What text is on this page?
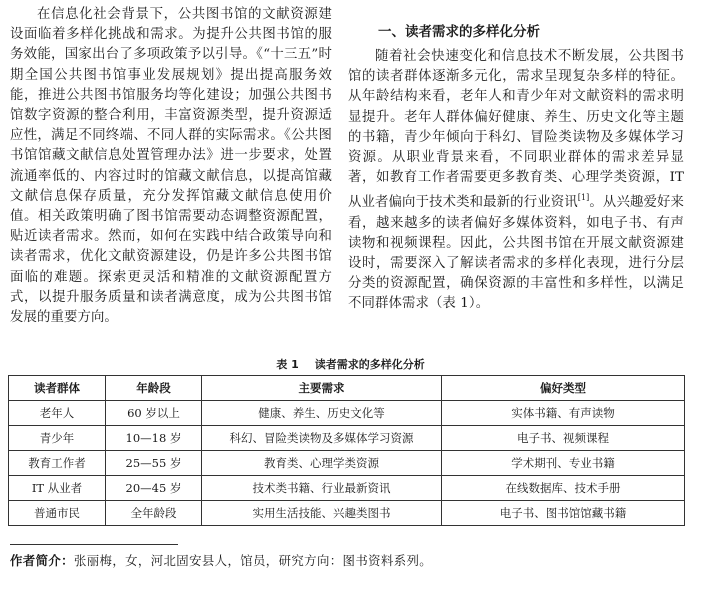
在信息化社会背景下，公共图书馆的文献资源建设面临着多样化挑战和需求。为提升公共图书馆的服务效能，国家出台了多项政策予以引导。《“十三五”时期全国公共图书馆事业发展规划》提出提高服务效能，推进公共图书馆服务均等化建设；加强公共图书馆数字资源的整合利用，丰富资源类型，提升资源适应性，满足不同终端、不同人群的实际需求。《公共图书馆馆藏文献信息处置管理办法》进一步要求，处置流通率低的、内容过时的馆藏文献信息，以提高馆藏文献信息保存质量，充分发挥馆藏文献信息使用价值。相关政策明确了图书馆需要动态调整资源配置，贴近读者需求。然而，如何在实践中结合政策导向和读者需求，优化文献资源建设，仍是许多公共图书馆面临的难题。探索更灵活和精准的文献资源配置方式，以提升服务质量和读者满意度，成为公共图书馆发展的重要方向。

一、读者需求的多样化分析

随着社会快速变化和信息技术不断发展，公共图书馆的读者群体逐渐多元化，需求呈现复杂多样的特征。从年龄结构来看，老年人和青少年对文献资料的需求明显提升。老年人群体偏好健康、养生、历史文化等主题的书籍，青少年倾向于科幻、冒险类读物及多媒体学习资源。从职业背景来看，不同职业群体的需求差异显著，如教育工作者需要更多教育类、心理学类资源，IT 从业者偏向于技术类和最新的行业资讯[1]。从兴趣爱好来看，越来越多的读者偏好多媒体资料，如电子书、有声读物和视频课程。因此，公共图书馆在开展文献资源建设时，需要深入了解读者需求的多样化表现，进行分层分类的资源配置，确保资源的丰富性和多样性，以满足不同群体需求（表 1）。

表 1 读者需求的多样化分析
读者群体	年龄段	主要需求	偏好类型
老年人	60 岁以上	健康、养生、历史文化等	实体书籍、有声读物
青少年	10—18 岁	科幻、冒险类读物及多媒体学习资源	电子书、视频课程
教育工作者	25—55 岁	教育类、心理学类资源	学术期刊、专业书籍
IT 从业者	20—45 岁	技术类书籍、行业最新资讯	在线数据库、技术手册
普通市民	全年龄段	实用生活技能、兴趣类图书	电子书、图书馆馆藏书籍

作者简介：张丽梅，女，河北固安县人，馆员，研究方向：图书资料系列。
